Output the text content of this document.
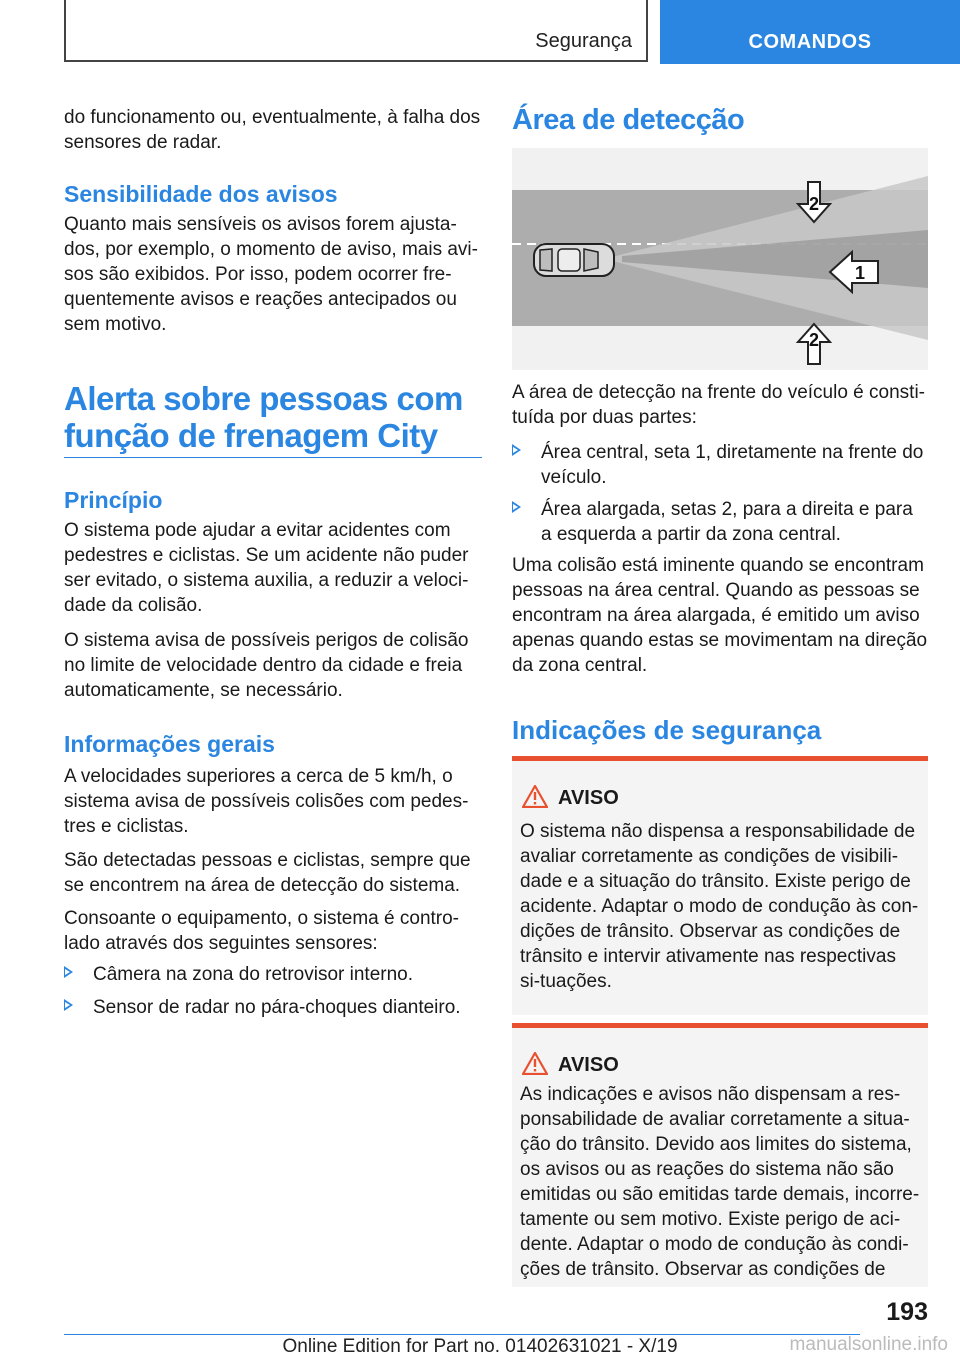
Segurança	COMANDOS

do funcionamento ou, eventualmente, à falha dos sensores de radar.

Sensibilidade dos avisos

Quanto mais sensíveis os avisos forem ajusta-dos, por exemplo, o momento de aviso, mais avi-sos são exibidos. Por isso, podem ocorrer fre-quentemente avisos e reações antecipados ou sem motivo.

Alerta sobre pessoas com função de frenagem City
Princípio

O sistema pode ajudar a evitar acidentes com pedestres e ciclistas. Se um acidente não puder ser evitado, o sistema auxilia, a reduzir a veloci-dade da colisão.

O sistema avisa de possíveis perigos de colisão no limite de velocidade dentro da cidade e freia automaticamente, se necessário.

Informações gerais

A velocidades superiores a cerca de 5 km/h, o sistema avisa de possíveis colisões com pedes-tres e ciclistas.

São detectadas pessoas e ciclistas, sempre que se encontrem na área de detecção do sistema.

Consoante o equipamento, o sistema é contro-lado através dos seguintes sensores:

Câmera na zona do retrovisor interno.

Sensor de radar no pára-choques dianteiro.

Área de detecção
2
1
2

A área de detecção na frente do veículo é consti-tuída por duas partes:

Área central, seta 1, diretamente na frente do veículo.

Área alargada, setas 2, para a direita e para a esquerda a partir da zona central.

Uma colisão está iminente quando se encontram pessoas na área central. Quando as pessoas se encontram na área alargada, é emitido um aviso apenas quando estas se movimentam na direção da zona central.

Indicações de segurança
AVISO

O sistema não dispensa a responsabilidade de avaliar corretamente as condições de visibili-dade e a situação do trânsito. Existe perigo de acidente. Adaptar o modo de condução às con-dições de trânsito. Observar as condições de trânsito e intervir ativamente nas respectivas si-tuações.

AVISO

As indicações e avisos não dispensam a res-ponsabilidade de avaliar corretamente a situa-ção do trânsito. Devido aos limites do sistema, os avisos ou as reações do sistema não são emitidas ou são emitidas tarde demais, incorre-tamente ou sem motivo. Existe perigo de aci-dente. Adaptar o modo de condução às condi-ções de trânsito. Observar as condições de

193
Online Edition for Part no. 01402631021 - X/19	manualsonline.info
